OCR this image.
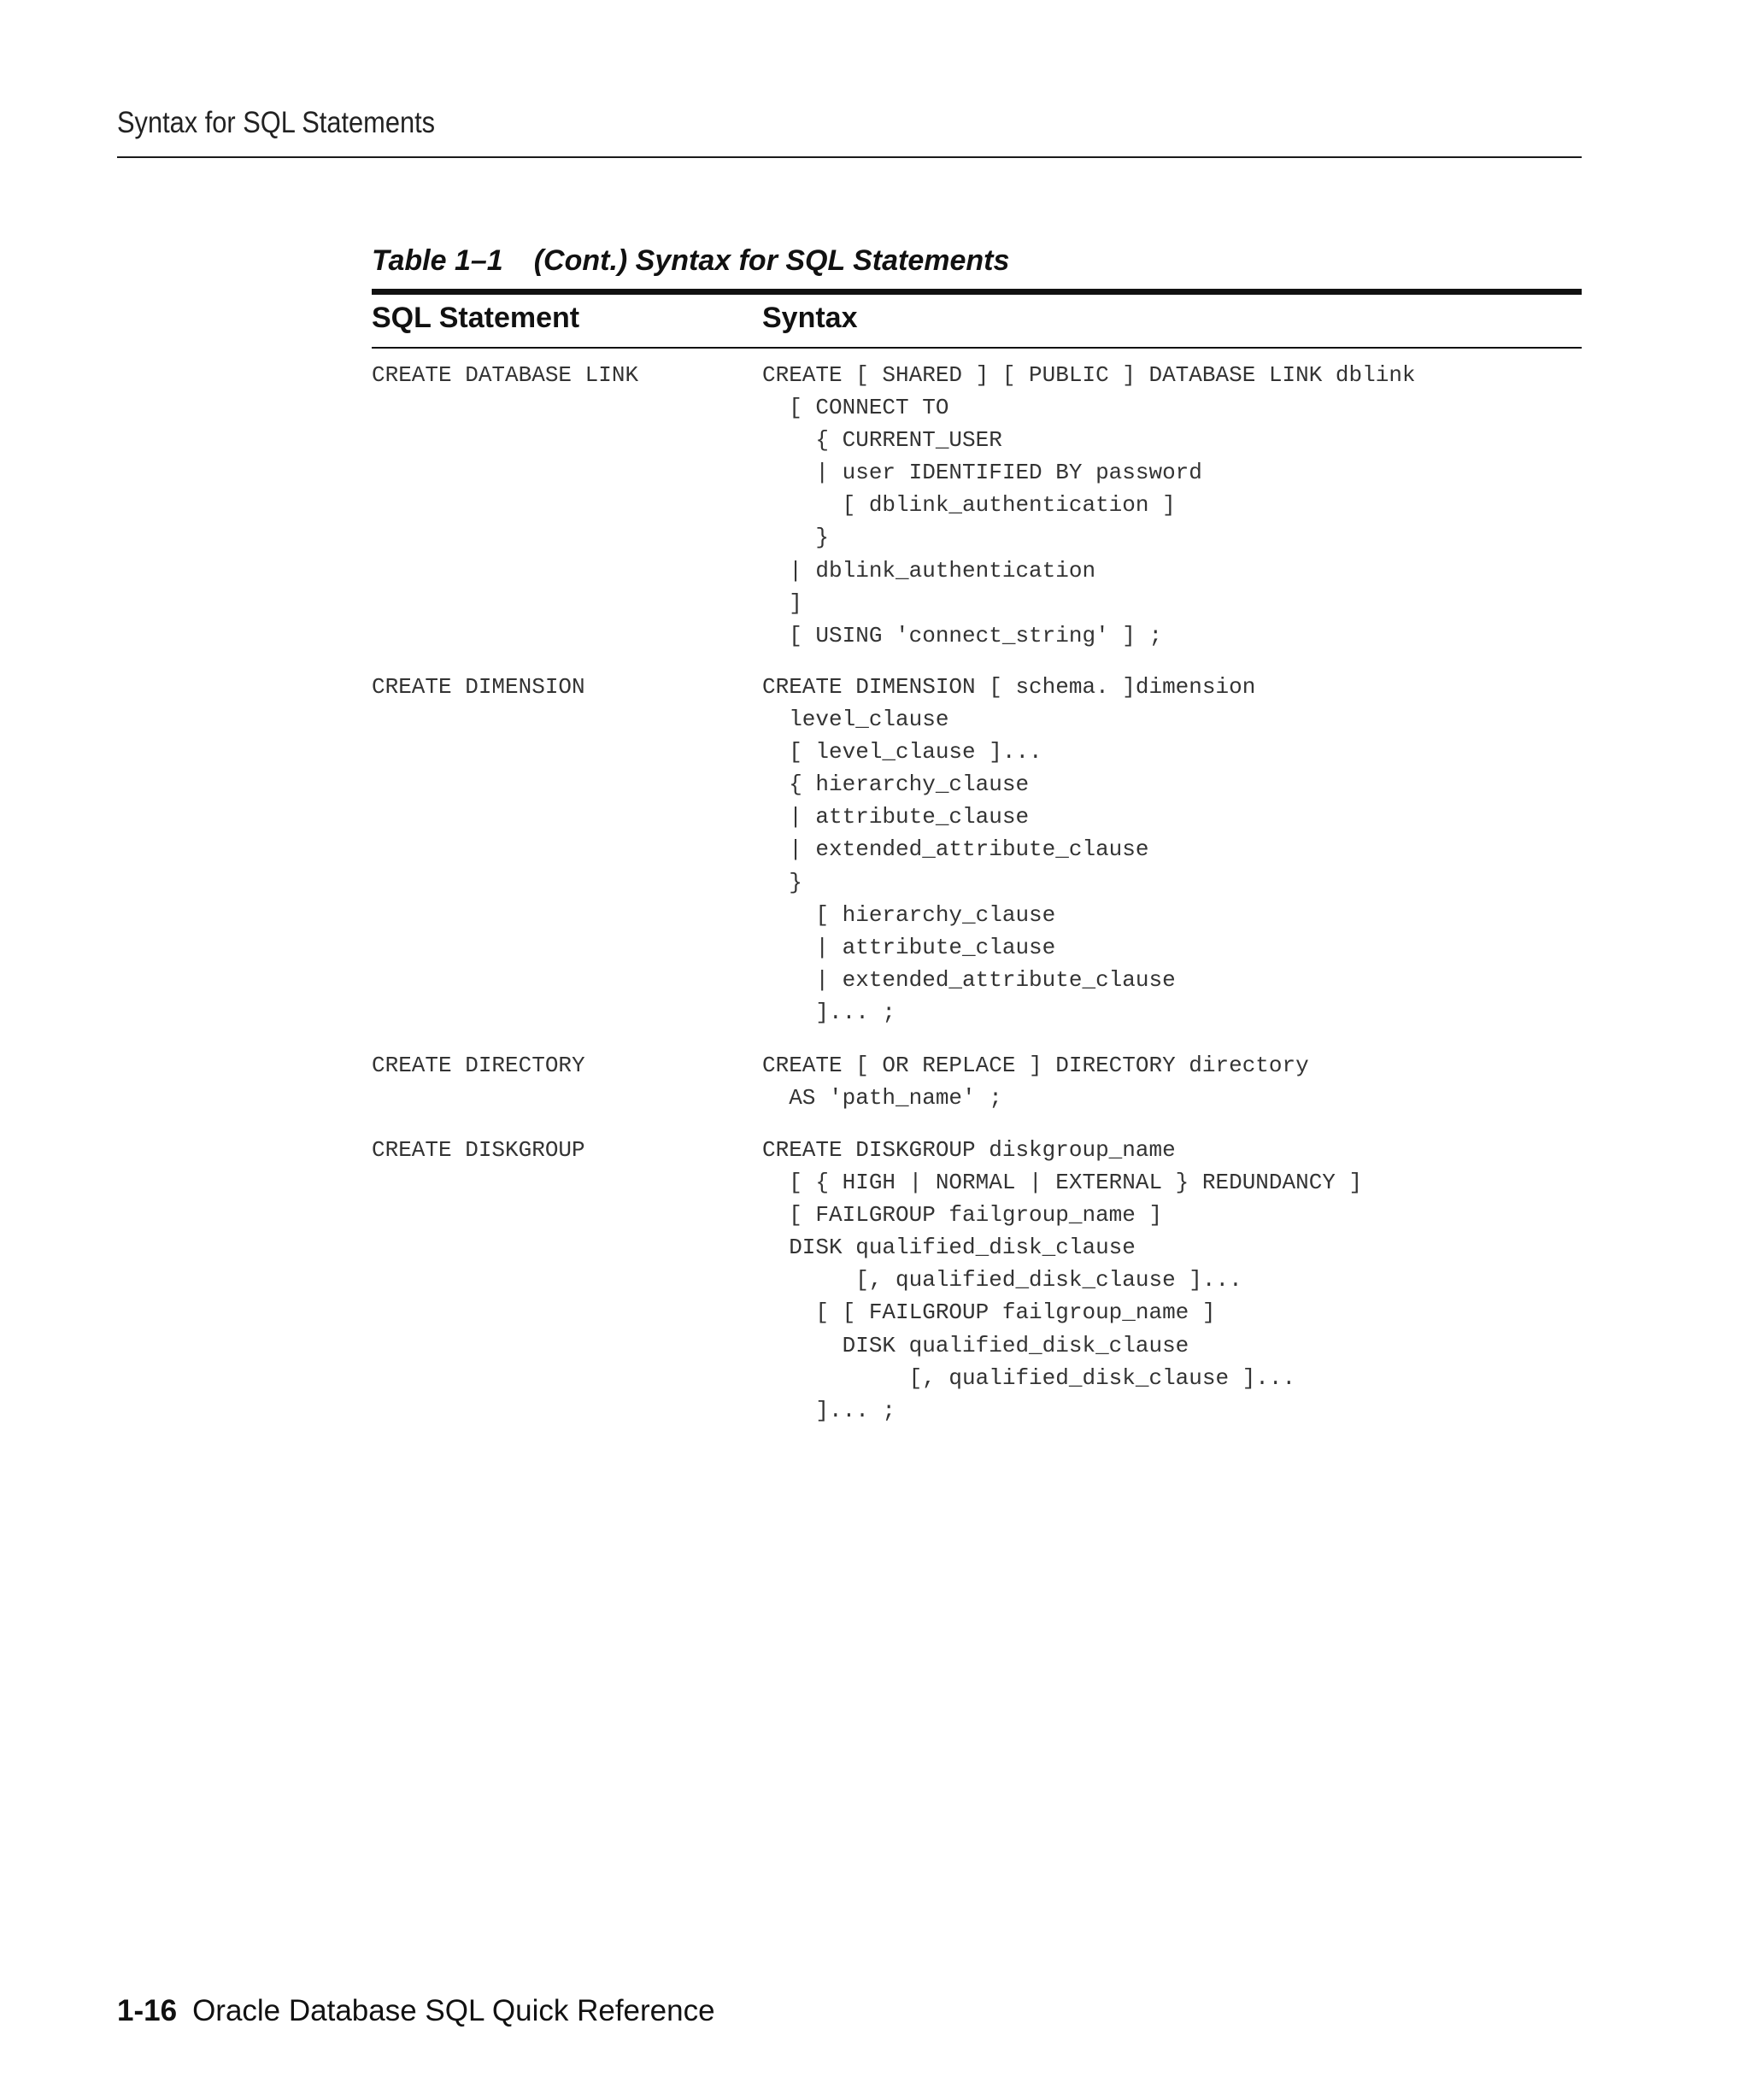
Syntax for SQL Statements
Table 1–1 (Cont.) Syntax for SQL Statements
SQL Statement	Syntax
CREATE DATABASE LINK	CREATE [ SHARED ] [ PUBLIC ] DATABASE LINK dblink
[ CONNECT TO
{ CURRENT_USER
| user IDENTIFIED BY password
[ dblink_authentication ]
}
| dblink_authentication
]
[ USING 'connect_string' ] ;
CREATE DIMENSION	CREATE DIMENSION [ schema. ]dimension
level_clause
[ level_clause ]...
{ hierarchy_clause
| attribute_clause
| extended_attribute_clause
}
[ hierarchy_clause
| attribute_clause
| extended_attribute_clause
]... ;
CREATE DIRECTORY	CREATE [ OR REPLACE ] DIRECTORY directory
AS 'path_name' ;
CREATE DISKGROUP	CREATE DISKGROUP diskgroup_name
[ { HIGH | NORMAL | EXTERNAL } REDUNDANCY ]
[ FAILGROUP failgroup_name ]
DISK qualified_disk_clause
[, qualified_disk_clause ]...
[ [ FAILGROUP failgroup_name ]
DISK qualified_disk_clause
[, qualified_disk_clause ]...
]... ;
1-16 Oracle Database SQL Quick Reference
